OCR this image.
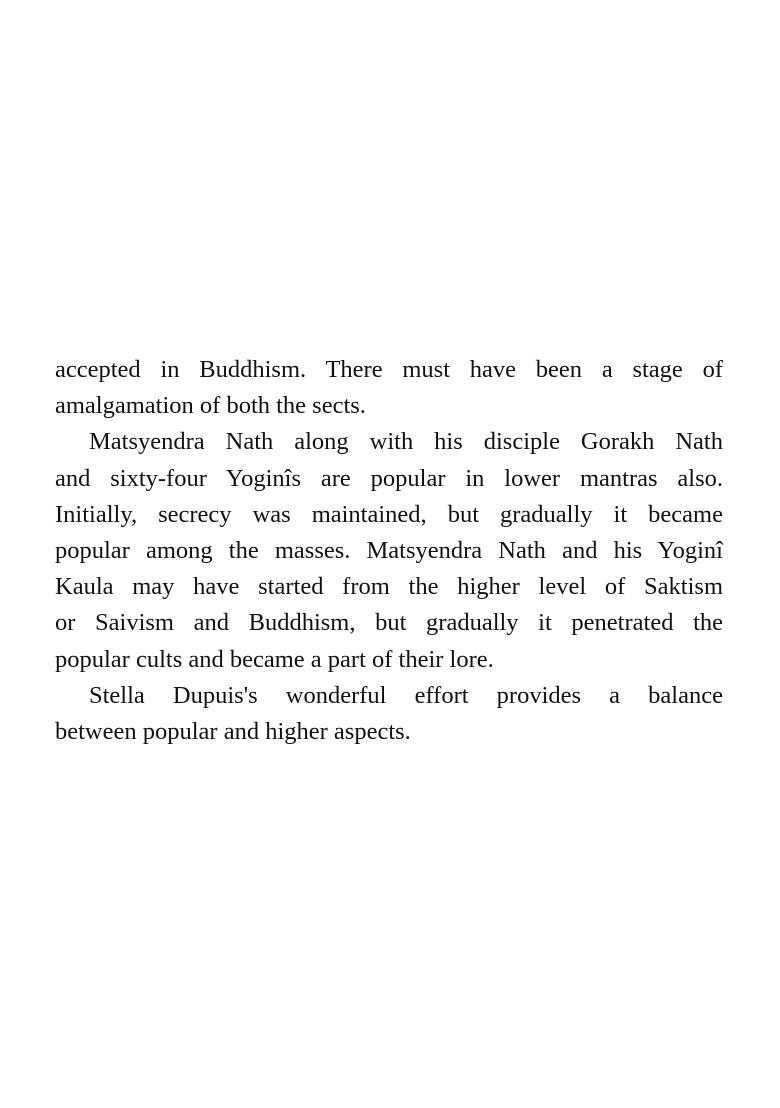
accepted in Buddhism. There must have been a stage of
amalgamation of both the sects.
Matsyendra Nath along with his disciple Gorakh Nath
and sixty-four Yoginîs are popular in lower mantras also.
Initially, secrecy was maintained, but gradually it became
popular among the masses. Matsyendra Nath and his Yoginî
Kaula may have started from the higher level of Saktism
or Saivism and Buddhism, but gradually it penetrated the
popular cults and became a part of their lore.
Stella Dupuis's wonderful effort provides a balance
between popular and higher aspects.
